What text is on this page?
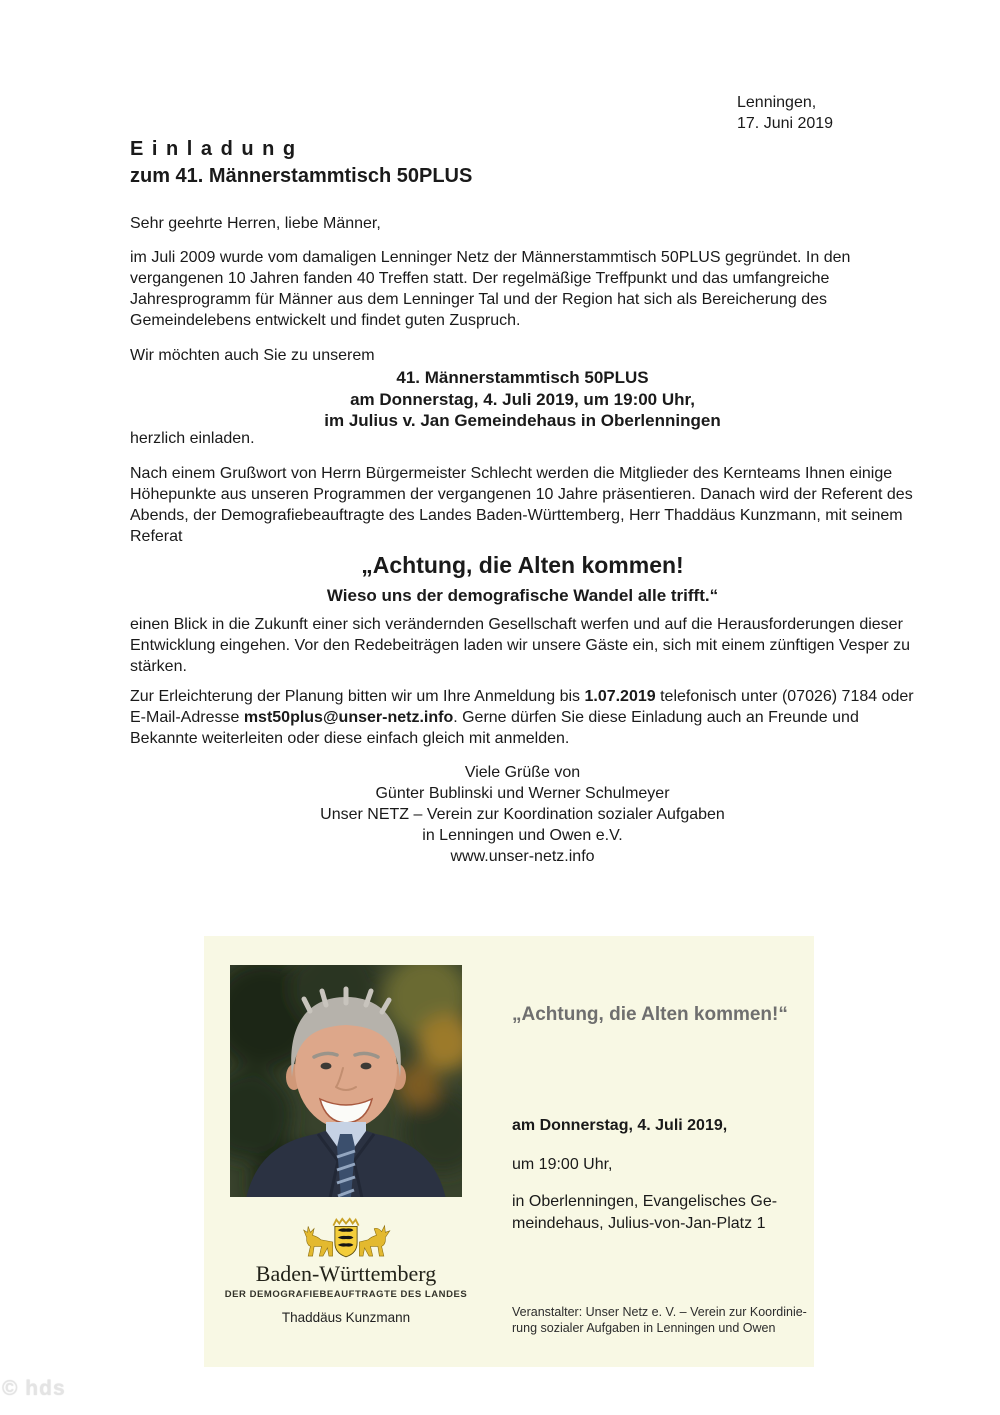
Lenningen,
17. Juni 2019
E i n l a d u n g
zum 41. Männerstammtisch 50PLUS
Sehr geehrte Herren, liebe Männer,
im Juli 2009 wurde vom damaligen Lenninger Netz der Männerstammtisch 50PLUS gegründet. In den vergangenen 10 Jahren fanden 40 Treffen statt. Der regelmäßige Treffpunkt und das umfangreiche Jahresprogramm für Männer aus dem Lenninger Tal und der Region hat sich als Bereicherung des Gemeindelebens entwickelt und findet guten Zuspruch.
Wir möchten auch Sie zu unserem
41. Männerstammtisch 50PLUS
am Donnerstag, 4. Juli 2019, um 19:00 Uhr,
im Julius v. Jan Gemeindehaus in Oberlenningen
herzlich einladen.
Nach einem Grußwort von Herrn Bürgermeister Schlecht werden die Mitglieder des Kernteams Ihnen einige Höhepunkte aus unseren Programmen der vergangenen 10 Jahre präsentieren. Danach wird der Referent des Abends, der Demografiebeauftragte des Landes Baden-Württemberg, Herr Thaddäus Kunzmann, mit seinem Referat
„Achtung, die Alten kommen!
Wieso uns der demografische Wandel alle trifft.“
einen Blick in die Zukunft einer sich verändernden Gesellschaft werfen und auf die Herausforderungen dieser Entwicklung eingehen. Vor den Redebeiträgen laden wir unsere Gäste ein, sich mit einem zünftigen Vesper zu stärken.
Zur Erleichterung der Planung bitten wir um Ihre Anmeldung bis 1.07.2019 telefonisch unter (07026) 7184 oder E-Mail-Adresse mst50plus@unser-netz.info. Gerne dürfen Sie diese Einladung auch an Freunde und Bekannte weiterleiten oder diese einfach gleich mit anmelden.
Viele Grüße von
Günter Bublinski und Werner Schulmeyer
Unser NETZ – Verein zur Koordination sozialer Aufgaben
in Lenningen und Owen e.V.
www.unser-netz.info
„Achtung, die Alten kommen!“
am Donnerstag, 4. Juli 2019,
um 19:00 Uhr,
in Oberlenningen, Evangelisches Ge-
meindehaus, Julius-von-Jan-Platz 1
Veranstalter: Unser Netz e. V. – Verein zur Koordinie-
rung sozialer Aufgaben in Lenningen und Owen
Baden-Württemberg
DER DEMOGRAFIEBEAUFTRAGTE DES LANDES
Thaddäus Kunzmann
© hds
